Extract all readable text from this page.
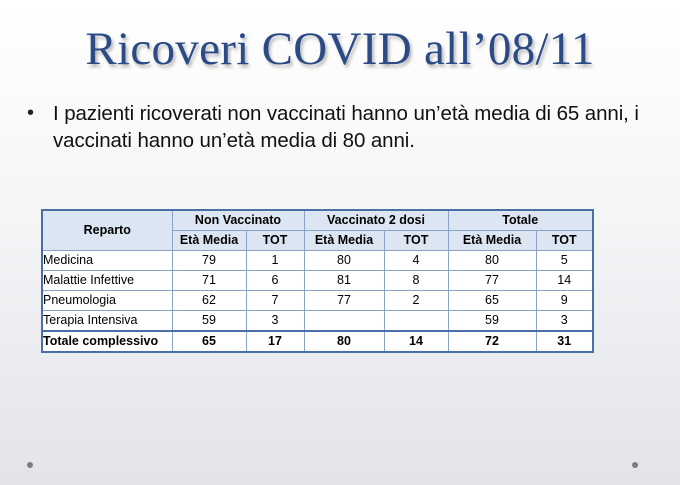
Ricoveri COVID all’08/11
• I pazienti ricoverati non vaccinati hanno un’età media di 65 anni, i vaccinati hanno un’età media di 80 anni.
Reparto	Non Vaccinato		Vaccinato 2 dosi		Totale	
	Età Media	TOT	Età Media	TOT	Età Media	TOT
Medicina	79	1	80	4	80	5
Malattie Infettive	71	6	81	8	77	14
Pneumologia	62	7	77	2	65	9
Terapia Intensiva	59	3			59	3
Totale complessivo	65	17	80	14	72	31
